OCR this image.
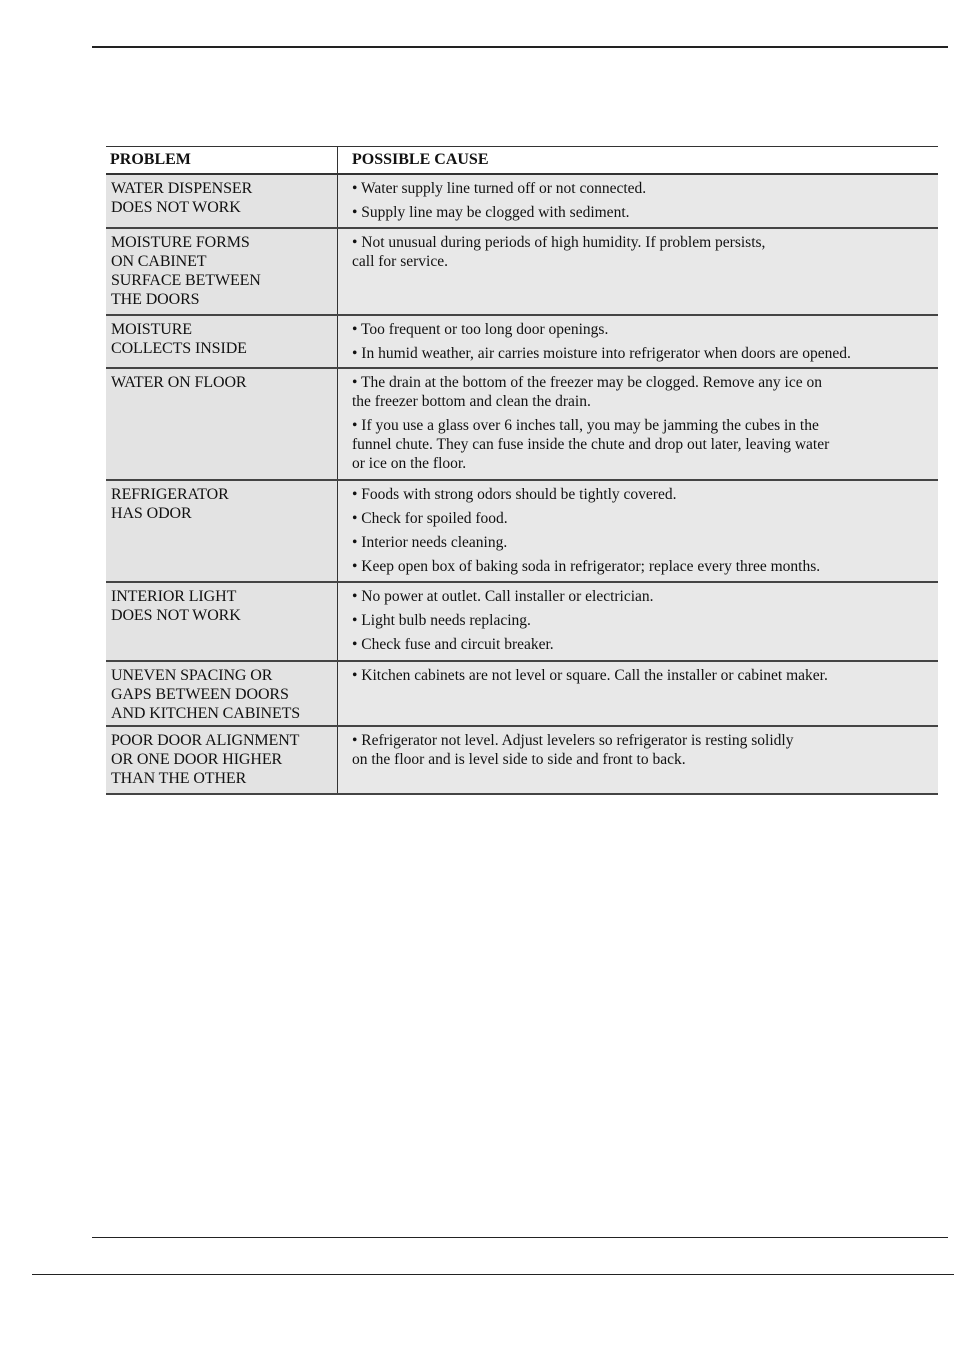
PROBLEM	POSSIBLE CAUSE
WATER DISPENSER
DOES NOT WORK
• Water supply line turned off or not connected.
• Supply line may be clogged with sediment.
MOISTURE FORMS
ON CABINET
SURFACE BETWEEN
THE DOORS
• Not unusual during periods of high humidity. If problem persists,
call for service.
MOISTURE
COLLECTS INSIDE
• Too frequent or too long door openings.
• In humid weather, air carries moisture into refrigerator when doors are opened.
WATER ON FLOOR	• The drain at the bottom of the freezer may be clogged. Remove any ice on
the freezer bottom and clean the drain.
• If you use a glass over 6 inches tall, you may be jamming the cubes in the
funnel chute. They can fuse inside the chute and drop out later, leaving water
or ice on the floor.
REFRIGERATOR
HAS ODOR
• Foods with strong odors should be tightly covered.
• Check for spoiled food.
• Interior needs cleaning.
• Keep open box of baking soda in refrigerator; replace every three months.
INTERIOR LIGHT
DOES NOT WORK
• No power at outlet. Call installer or electrician.
• Light bulb needs replacing.
• Check fuse and circuit breaker.
UNEVEN SPACING OR
GAPS BETWEEN DOORS
AND KITCHEN CABINETS
• Kitchen cabinets are not level or square. Call the installer or cabinet maker.
POOR DOOR ALIGNMENT
OR ONE DOOR HIGHER
THAN THE OTHER
• Refrigerator not level. Adjust levelers so refrigerator is resting solidly
on the floor and is level side to side and front to back.
